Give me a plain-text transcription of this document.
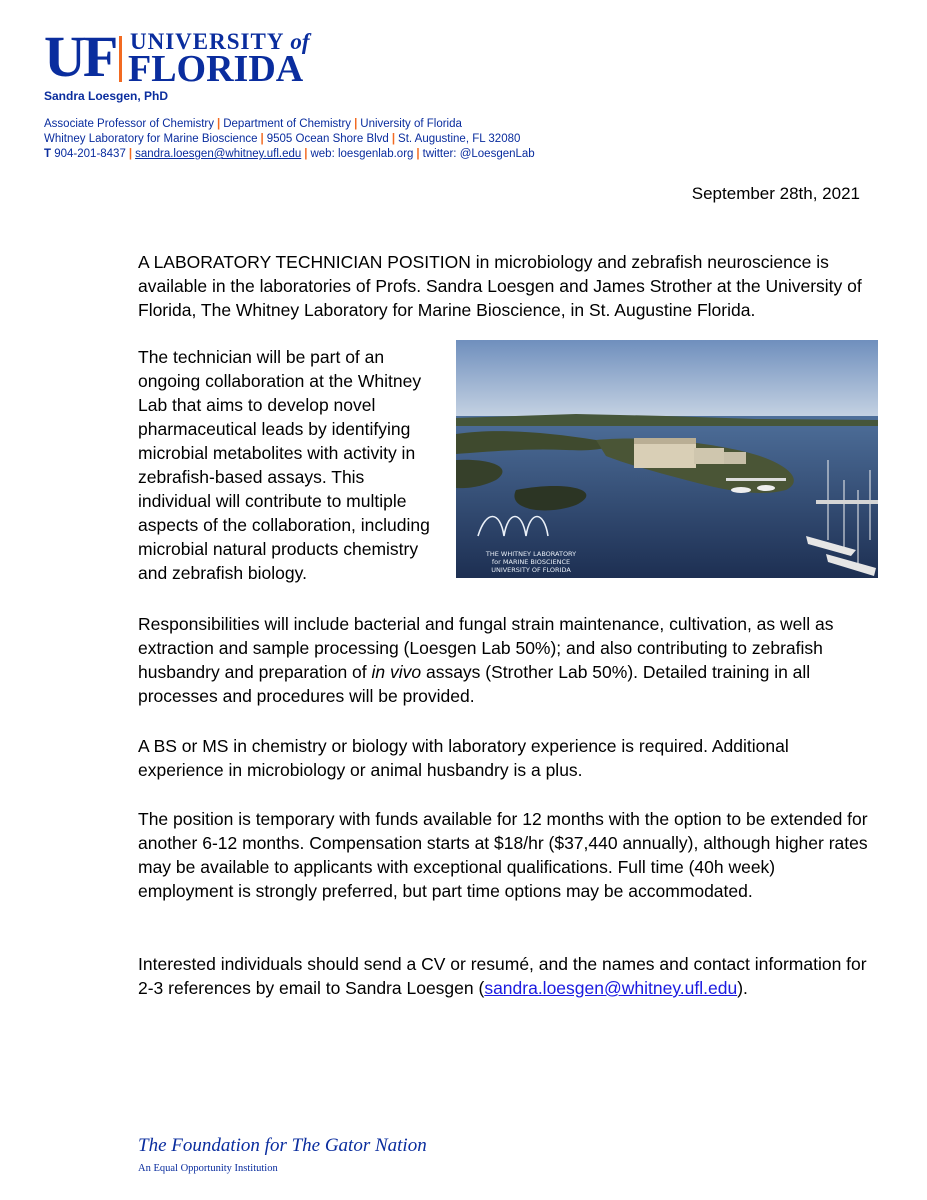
UF UNIVERSITY of
FLORIDA
Sandra Loesgen, PhD
Associate Professor of Chemistry | Department of Chemistry | University of Florida
Whitney Laboratory for Marine Bioscience | 9505 Ocean Shore Blvd | St. Augustine, FL 32080
T 904-201-8437 | sandra.loesgen@whitney.ufl.edu | web: loesgenlab.org | twitter: @LoesgenLab
September 28th, 2021

A LABORATORY TECHNICIAN POSITION in microbiology and zebrafish neuroscience is available in the laboratories of Profs. Sandra Loesgen and James Strother at the University of Florida, The Whitney Laboratory for Marine Bioscience, in St. Augustine Florida.

The technician will be part of an ongoing collaboration at the Whitney Lab that aims to develop novel pharmaceutical leads by identifying microbial metabolites with activity in zebrafish-based assays. This individual will contribute to multiple aspects of the collaboration, including microbial natural products chemistry and zebrafish biology.

THE WHITNEY LABORATORY
for MARINE BIOSCIENCE
UNIVERSITY OF FLORIDA

Responsibilities will include bacterial and fungal strain maintenance, cultivation, as well as extraction and sample processing (Loesgen Lab 50%); and also contributing to zebrafish husbandry and preparation of in vivo assays (Strother Lab 50%). Detailed training in all processes and procedures will be provided.

A BS or MS in chemistry or biology with laboratory experience is required. Additional experience in microbiology or animal husbandry is a plus.

The position is temporary with funds available for 12 months with the option to be extended for another 6-12 months. Compensation starts at $18/hr ($37,440 annually), although higher rates may be available to applicants with exceptional qualifications. Full time (40h week) employment is strongly preferred, but part time options may be accommodated.

Interested individuals should send a CV or resumé, and the names and contact information for 2-3 references by email to Sandra Loesgen (sandra.loesgen@whitney.ufl.edu).

The Foundation for The Gator Nation
An Equal Opportunity Institution
